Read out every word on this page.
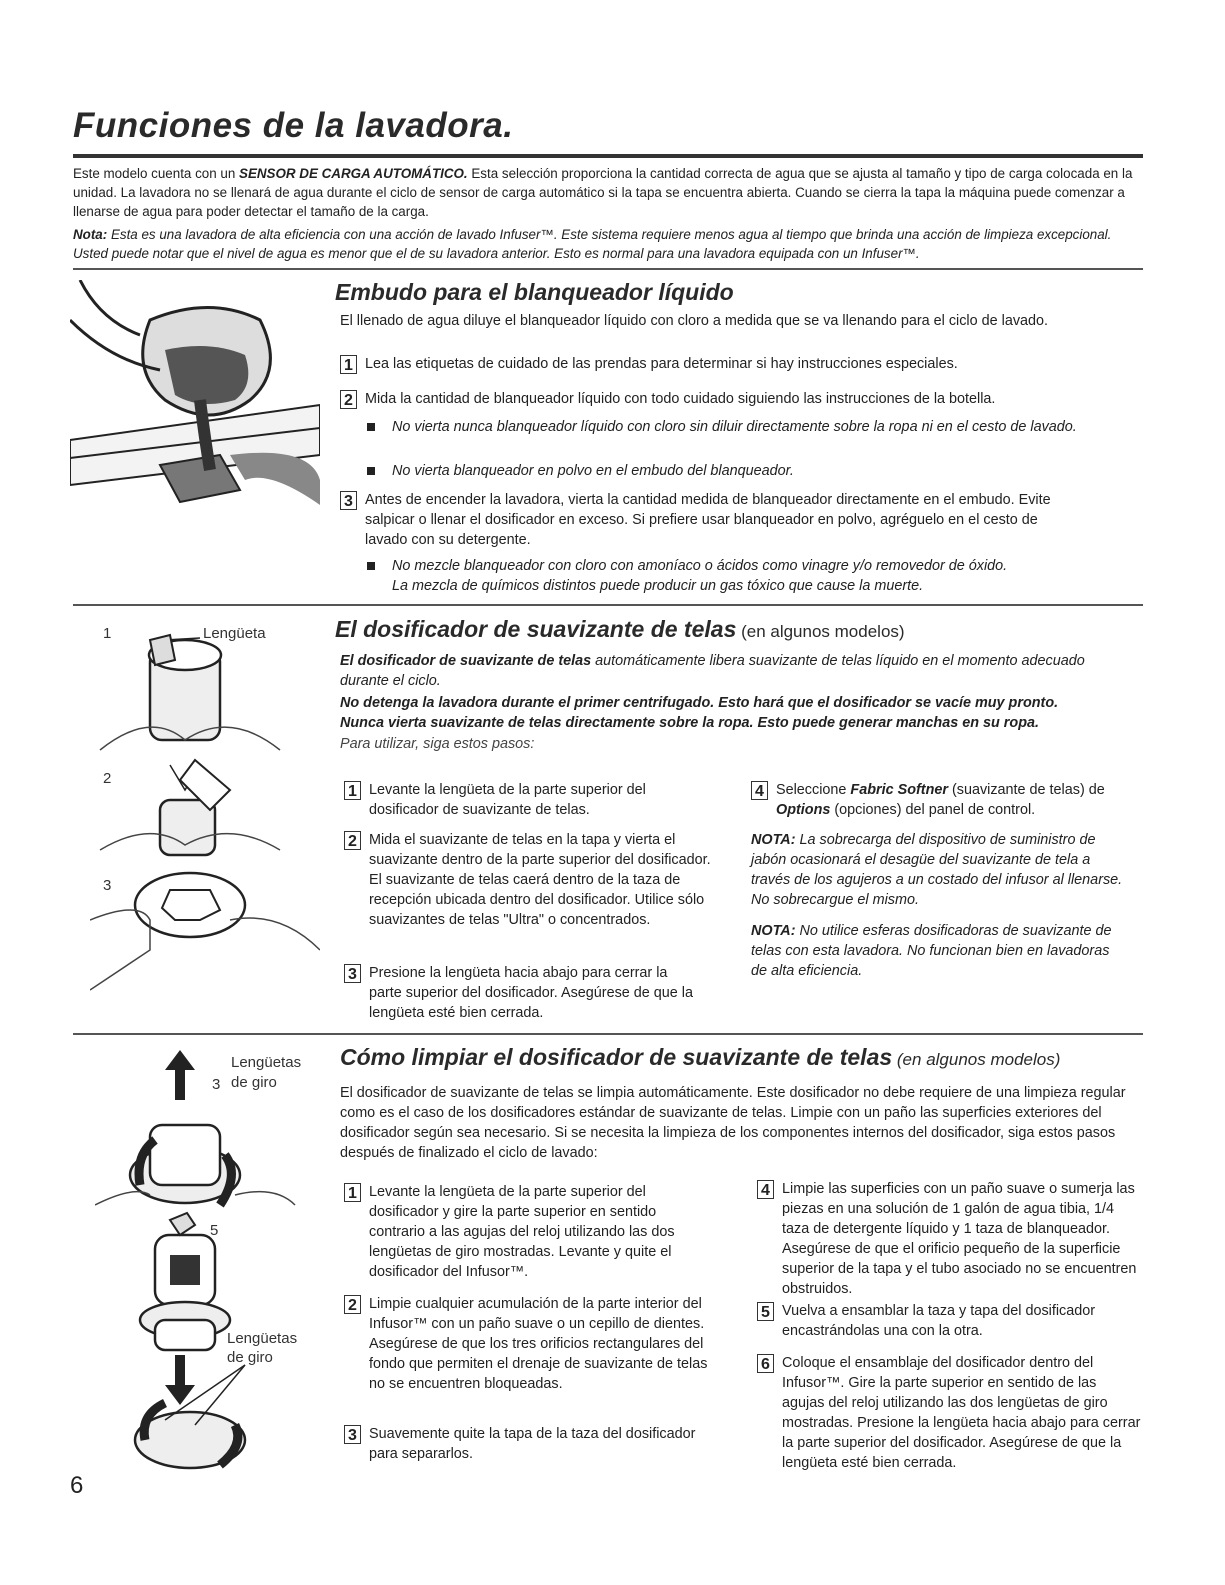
Funciones de la lavadora.

Este modelo cuenta con un SENSOR DE CARGA AUTOMÁTICO. Esta selección proporciona la cantidad correcta de agua que se ajusta al tamaño y tipo de carga colocada en la unidad. La lavadora no se llenará de agua durante el ciclo de sensor de carga automático si la tapa se encuentra abierta. Cuando se cierra la tapa la máquina puede comenzar a llenarse de agua para poder detectar el tamaño de la carga.

Nota: Esta es una lavadora de alta eficiencia con una acción de lavado Infuser™. Este sistema requiere menos agua al tiempo que brinda una acción de limpieza excepcional. Usted puede notar que el nivel de agua es menor que el de su lavadora anterior. Esto es normal para una lavadora equipada con un Infuser™.

Embudo para el blanqueador líquido
El llenado de agua diluye el blanqueador líquido con cloro a medida que se va llenando para el ciclo de lavado.
1 Lea las etiquetas de cuidado de las prendas para determinar si hay instrucciones especiales.
2 Mida la cantidad de blanqueador líquido con todo cuidado siguiendo las instrucciones de la botella.
No vierta nunca blanqueador líquido con cloro sin diluir directamente sobre la ropa ni en el cesto de lavado.
No vierta blanqueador en polvo en el embudo del blanqueador.
3 Antes de encender la lavadora, vierta la cantidad medida de blanqueador directamente en el embudo. Evite salpicar o llenar el dosificador en exceso. Si prefiere usar blanqueador en polvo, agréguelo en el cesto de lavado con su detergente.
No mezcle blanqueador con cloro con amoníaco o ácidos como vinagre y/o removedor de óxido.
La mezcla de químicos distintos puede producir un gas tóxico que cause la muerte.
1	Lengüeta
2
3
El dosificador de suavizante de telas (en algunos modelos)
El dosificador de suavizante de telas automáticamente libera suavizante de telas líquido en el momento adecuado durante el ciclo.
No detenga la lavadora durante el primer centrifugado. Esto hará que el dosificador se vacíe muy pronto.
Nunca vierta suavizante de telas directamente sobre la ropa. Esto puede generar manchas en su ropa.
Para utilizar, siga estos pasos:
1 Levante la lengüeta de la parte superior del dosificador de suavizante de telas.
2 Mida el suavizante de telas en la tapa y vierta el suavizante dentro de la parte superior del dosificador. El suavizante de telas caerá dentro de la taza de recepción ubicada dentro del dosificador. Utilice sólo suavizantes de telas "Ultra" o concentrados.
3 Presione la lengüeta hacia abajo para cerrar la parte superior del dosificador. Asegúrese de que la lengüeta esté bien cerrada.
4 Seleccione Fabric Softner (suavizante de telas) de Options (opciones) del panel de control.
NOTA: La sobrecarga del dispositivo de suministro de jabón ocasionará el desagüe del suavizante de tela a través de los agujeros a un costado del infusor al llenarse. No sobrecargue el mismo.
NOTA: No utilice esferas dosificadoras de suavizante de telas con esta lavadora. No funcionan bien en lavadoras de alta eficiencia.
Lengüetas
de giro
Lengüetas
de giro
3
5
Cómo limpiar el dosificador de suavizante de telas (en algunos modelos)
El dosificador de suavizante de telas se limpia automáticamente. Este dosificador no debe requiere de una limpieza regular como es el caso de los dosificadores estándar de suavizante de telas. Limpie con un paño las superficies exteriores del dosificador según sea necesario. Si se necesita la limpieza de los componentes internos del dosificador, siga estos pasos después de finalizado el ciclo de lavado:
1 Levante la lengüeta de la parte superior del dosificador y gire la parte superior en sentido contrario a las agujas del reloj utilizando las dos lengüetas de giro mostradas. Levante y quite el dosificador del Infusor™.
2 Limpie cualquier acumulación de la parte interior del Infusor™ con un paño suave o un cepillo de dientes. Asegúrese de que los tres orificios rectangulares del fondo que permiten el drenaje de suavizante de telas no se encuentren bloqueadas.
3 Suavemente quite la tapa de la taza del dosificador para separarlos.
4 Limpie las superficies con un paño suave o sumerja las piezas en una solución de 1 galón de agua tibia, 1/4 taza de detergente líquido y 1 taza de blanqueador. Asegúrese de que el orificio pequeño de la superficie superior de la tapa y el tubo asociado no se encuentren obstruidos.
5 Vuelva a ensamblar la taza y tapa del dosificador encastrándolas una con la otra.
6 Coloque el ensamblaje del dosificador dentro del Infusor™. Gire la parte superior en sentido de las agujas del reloj utilizando las dos lengüetas de giro mostradas. Presione la lengüeta hacia abajo para cerrar la parte superior del dosificador. Asegúrese de que la lengüeta esté bien cerrada.
6
